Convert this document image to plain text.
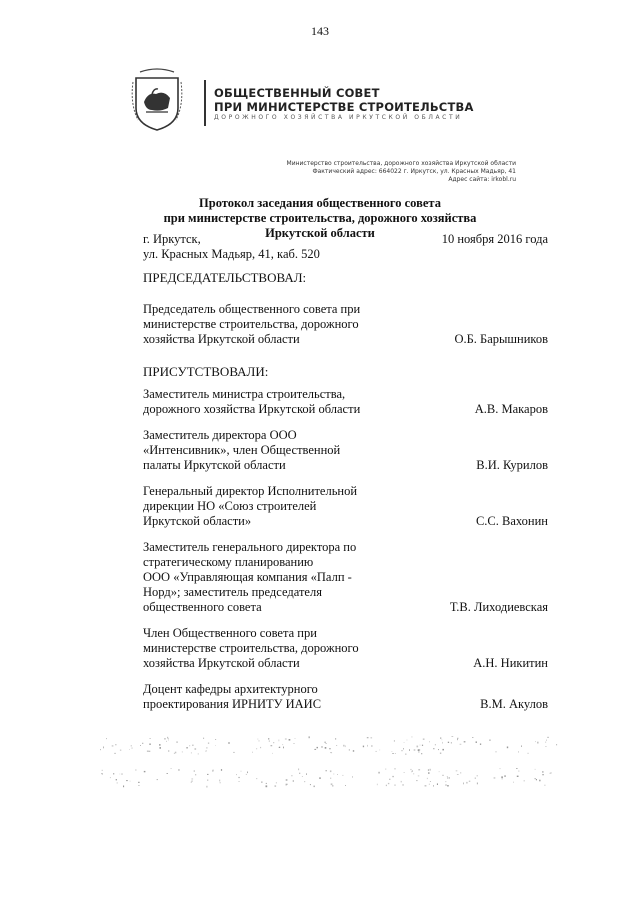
143
ОБЩЕСТВЕННЫЙ СОВЕТ
ПРИ МИНИСТЕРСТВЕ СТРОИТЕЛЬСТВА
ДОРОЖНОГО ХОЗЯЙСТВА ИРКУТСКОЙ ОБЛАСТИ
Министерство строительства, дорожного хозяйства Иркутской области
Фактический адрес: 664022 г. Иркутск, ул. Красных Мадьяр, 41
Адрес сайта: irkobl.ru
Протокол заседания общественного совета
при министерстве строительства, дорожного хозяйства
Иркутской области
г. Иркутск,
ул. Красных Мадьяр, 41, каб. 520
10 ноября 2016 года
ПРЕДСЕДАТЕЛЬСТВОВАЛ:
Председатель общественного совета при
министерстве строительства, дорожного
хозяйства Иркутской области	О.Б. Барышников
ПРИСУТСТВОВАЛИ:
Заместитель министра строительства,
дорожного хозяйства Иркутской области	А.В. Макаров
Заместитель директора ООО
«Интенсивник», член Общественной
палаты Иркутской области	В.И. Курилов
Генеральный директор Исполнительной
дирекции НО «Союз строителей
Иркутской области»	С.С. Вахонин
Заместитель генерального директора по
стратегическому планированию
ООО «Управляющая компания «Палп -
Норд»; заместитель председателя
общественного совета	Т.В. Лиходиевская
Член Общественного совета при
министерстве строительства, дорожного
хозяйства Иркутской области	А.Н. Никитин
Доцент кафедры архитектурного
проектирования ИРНИТУ ИАИС	В.М. Акулов
